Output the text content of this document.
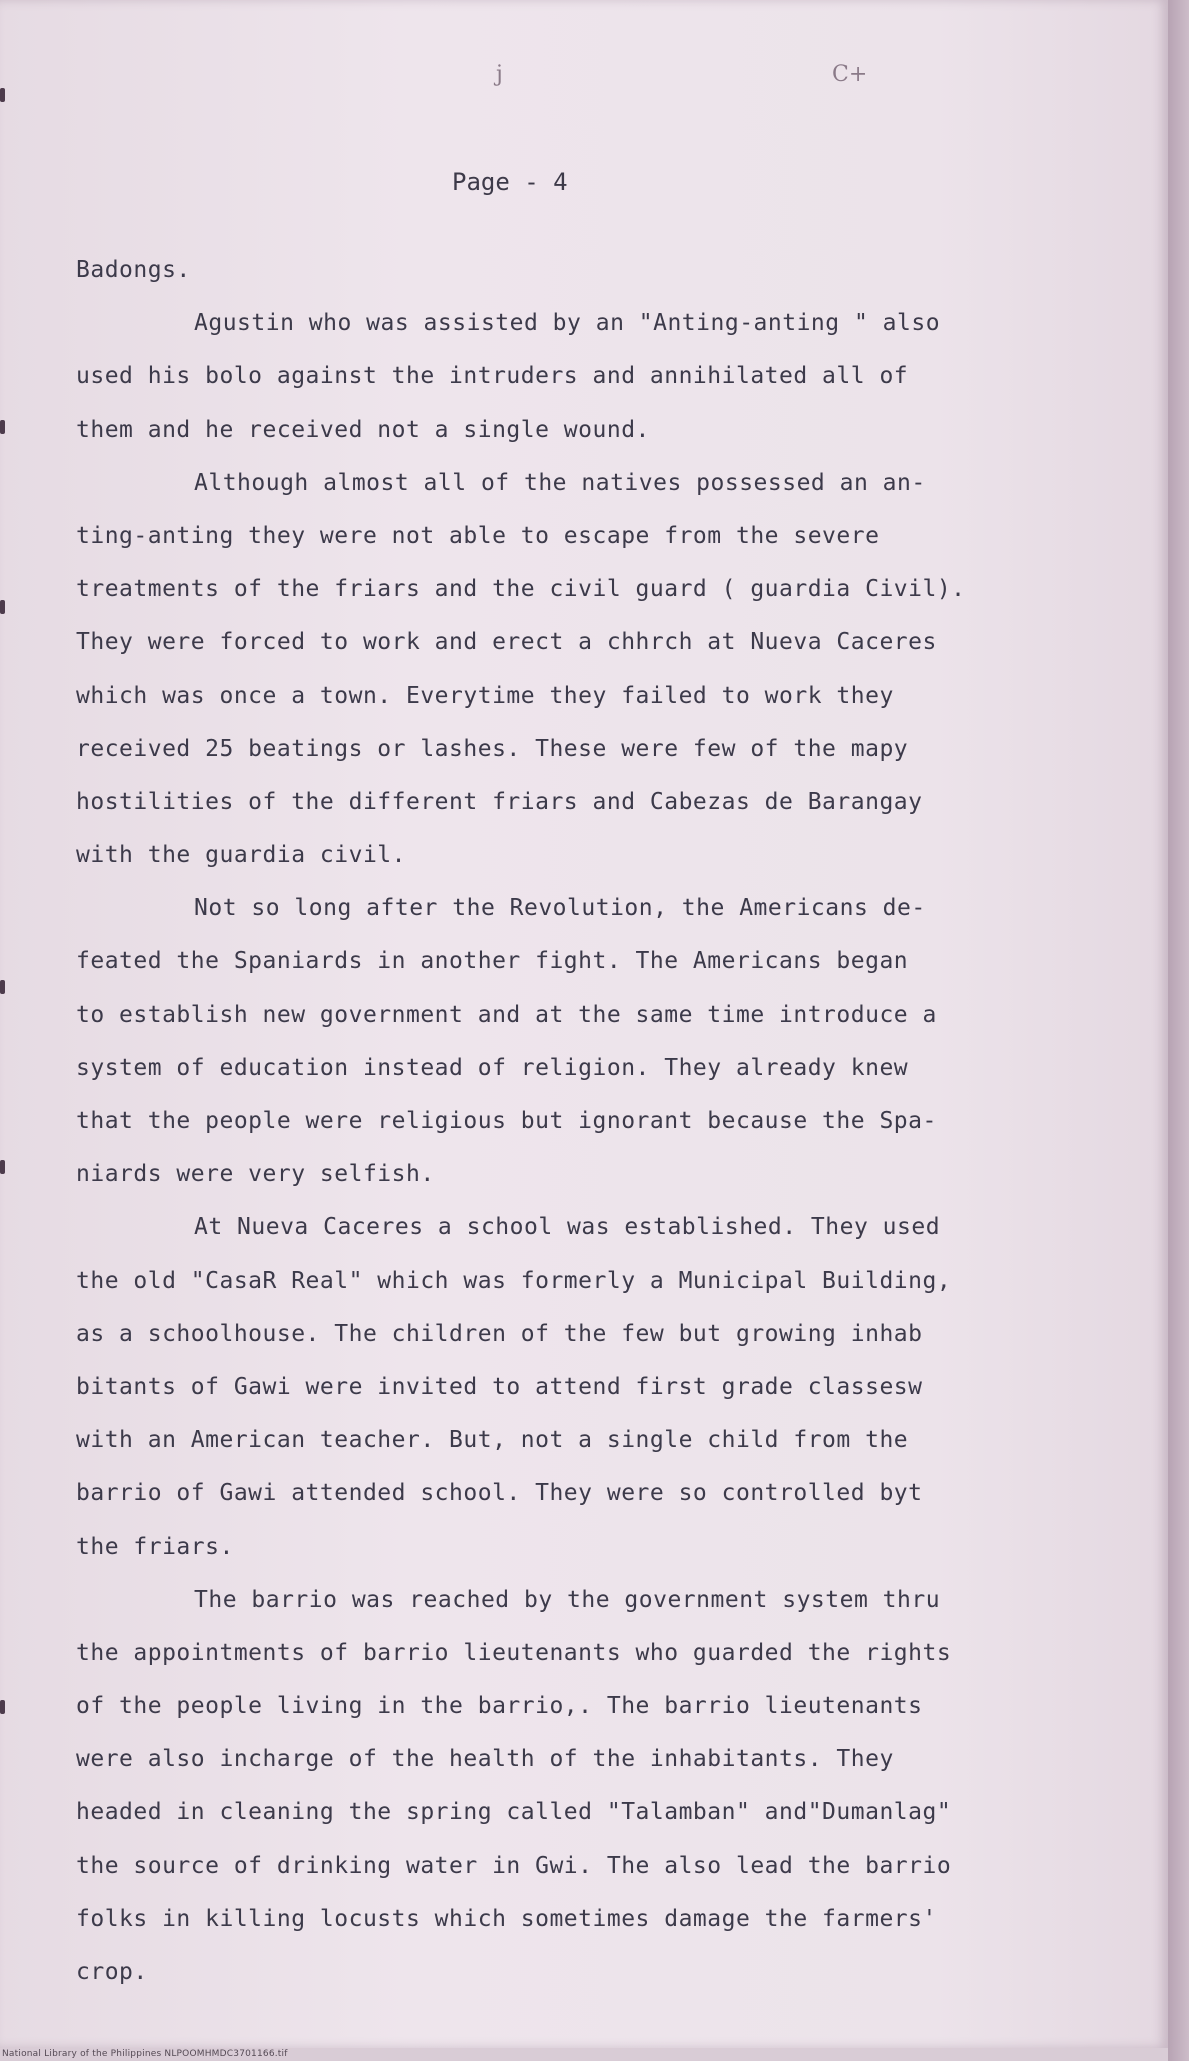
j	C+
Page - 4
Badongs.
Agustin who was assisted by an "Anting-anting " also
used his bolo against the intruders and annihilated all of
them and he received not a single wound.
Although almost all of the natives possessed an an-
ting-anting they were not able to escape from the severe
treatments of the friars and the civil guard ( guardia Civil).
They were forced to work and erect a chhrch at Nueva Caceres
which was once a town. Everytime they failed to work they
received 25 beatings or lashes. These were few of the mapy
hostilities of the different friars and Cabezas de Barangay
with the guardia civil.
Not so long after the Revolution, the Americans de-
feated the Spaniards in another fight. The Americans began
to establish new government and at the same time introduce a
system of education instead of religion. They already knew
that the people were religious but ignorant because the Spa-
niards were very selfish.
At Nueva Caceres a school was established. They used
the old "CasaR Real" which was formerly a Municipal Building,
as a schoolhouse. The children of the few but growing inhab
bitants of Gawi were invited to attend first grade classesw
with an American teacher. But, not a single child from the
barrio of Gawi attended school. They were so controlled byt
the friars.
The barrio was reached by the government system thru
the appointments of barrio lieutenants who guarded the rights
of the people living in the barrio,. The barrio lieutenants
were also incharge of the health of the inhabitants. They
headed in cleaning the spring called "Talamban" and"Dumanlag"
the source of drinking water in Gwi. The also lead the barrio
folks in killing locusts which sometimes damage the farmers'
crop.
National Library of the Philippines NLPOOMHMDC3701166.tif
